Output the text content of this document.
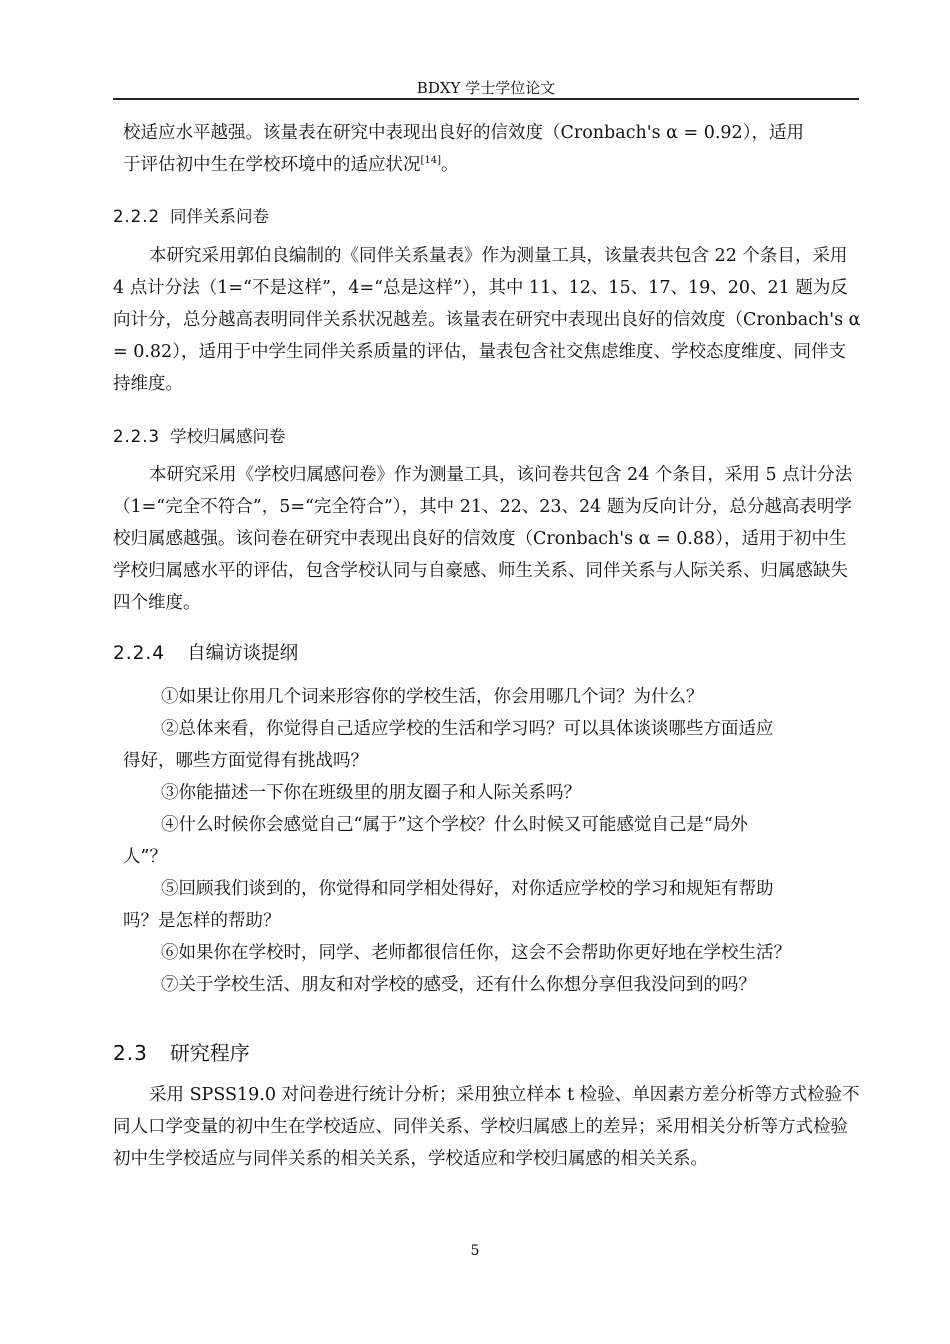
BDXY 学士学位论文

校适应水平越强。该量表在研究中表现出良好的信效度（Cronbach's α = 0.92），适用

于评估初中生在学校环境中的适应状况[14]。

2.2.2 同伴关系问卷

本研究采用郭伯良编制的《同伴关系量表》作为测量工具，该量表共包含 22 个条目，采用 4 点计分法（1=“不是这样”，4=“总是这样”），其中 11、12、15、17、19、20、21 题为反向计分，总分越高表明同伴关系状况越差。该量表在研究中表现出良好的信效度（Cronbach's α = 0.82），适用于中学生同伴关系质量的评估，量表包含社交焦虑维度、学校态度维度、同伴支持维度。

2.2.3 学校归属感问卷

本研究采用《学校归属感问卷》作为测量工具，该问卷共包含 24 个条目，采用 5 点计分法（1=“完全不符合”，5=“完全符合”），其中 21、22、23、24 题为反向计分，总分越高表明学校归属感越强。该问卷在研究中表现出良好的信效度（Cronbach's α = 0.88），适用于初中生学校归属感水平的评估，包含学校认同与自豪感、师生关系、同伴关系与人际关系、归属感缺失四个维度。

2.2.4 自编访谈提纲

①如果让你用几个词来形容你的学校生活，你会用哪几个词？为什么？

②总体来看，你觉得自己适应学校的生活和学习吗？可以具体谈谈哪些方面适应
得好，哪些方面觉得有挑战吗？

③你能描述一下你在班级里的朋友圈子和人际关系吗？

④什么时候你会感觉自己“属于”这个学校？什么时候又可能感觉自己是“局外
人”？

⑤回顾我们谈到的，你觉得和同学相处得好，对你适应学校的学习和规矩有帮助
吗？是怎样的帮助？

⑥如果你在学校时，同学、老师都很信任你，这会不会帮助你更好地在学校生活？

⑦关于学校生活、朋友和对学校的感受，还有什么你想分享但我没问到的吗？

2.3 研究程序

采用 SPSS19.0 对问卷进行统计分析；采用独立样本 t 检验、单因素方差分析等方式检验不同人口学变量的初中生在学校适应、同伴关系、学校归属感上的差异；采用相关分析等方式检验初中生学校适应与同伴关系的相关关系，学校适应和学校归属感的相关关系。

5
